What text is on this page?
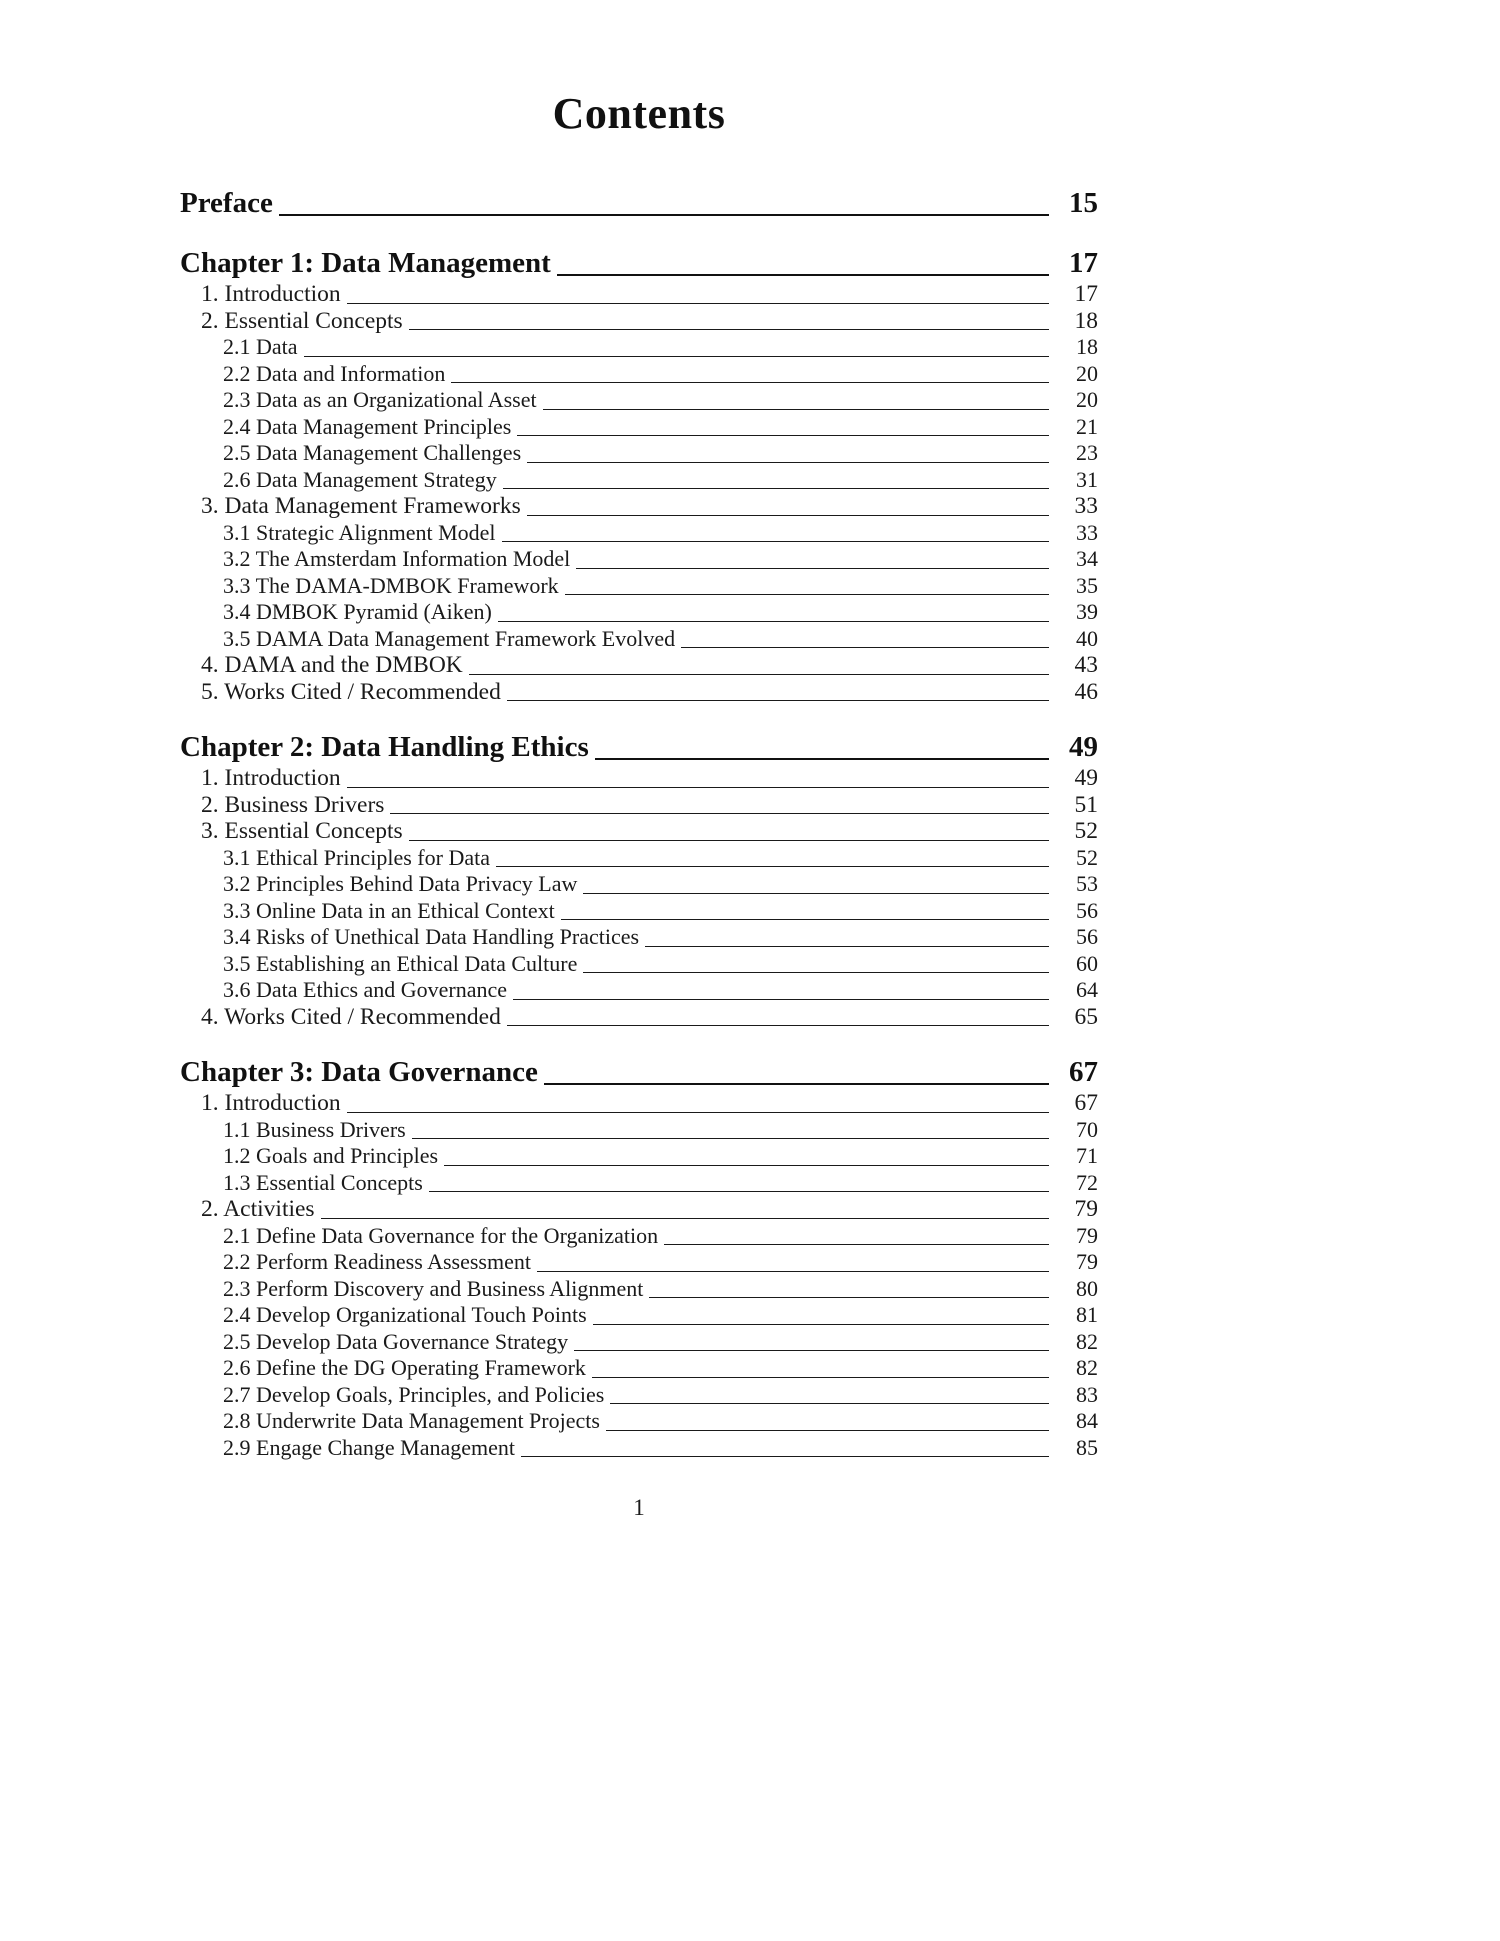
Contents
Preface	15
Chapter 1: Data Management	17
1. Introduction	17
2. Essential Concepts	18
2.1 Data	18
2.2 Data and Information	20
2.3 Data as an Organizational Asset	20
2.4 Data Management Principles	21
2.5 Data Management Challenges	23
2.6 Data Management Strategy	31
3. Data Management Frameworks	33
3.1 Strategic Alignment Model	33
3.2 The Amsterdam Information Model	34
3.3 The DAMA-DMBOK Framework	35
3.4 DMBOK Pyramid (Aiken)	39
3.5 DAMA Data Management Framework Evolved	40
4. DAMA and the DMBOK	43
5. Works Cited / Recommended	46
Chapter 2: Data Handling Ethics	49
1. Introduction	49
2. Business Drivers	51
3. Essential Concepts	52
3.1 Ethical Principles for Data	52
3.2 Principles Behind Data Privacy Law	53
3.3 Online Data in an Ethical Context	56
3.4 Risks of Unethical Data Handling Practices	56
3.5 Establishing an Ethical Data Culture	60
3.6 Data Ethics and Governance	64
4. Works Cited / Recommended	65
Chapter 3: Data Governance	67
1. Introduction	67
1.1 Business Drivers	70
1.2 Goals and Principles	71
1.3 Essential Concepts	72
2. Activities	79
2.1 Define Data Governance for the Organization	79
2.2 Perform Readiness Assessment	79
2.3 Perform Discovery and Business Alignment	80
2.4 Develop Organizational Touch Points	81
2.5 Develop Data Governance Strategy	82
2.6 Define the DG Operating Framework	82
2.7 Develop Goals, Principles, and Policies	83
2.8 Underwrite Data Management Projects	84
2.9 Engage Change Management	85
1
